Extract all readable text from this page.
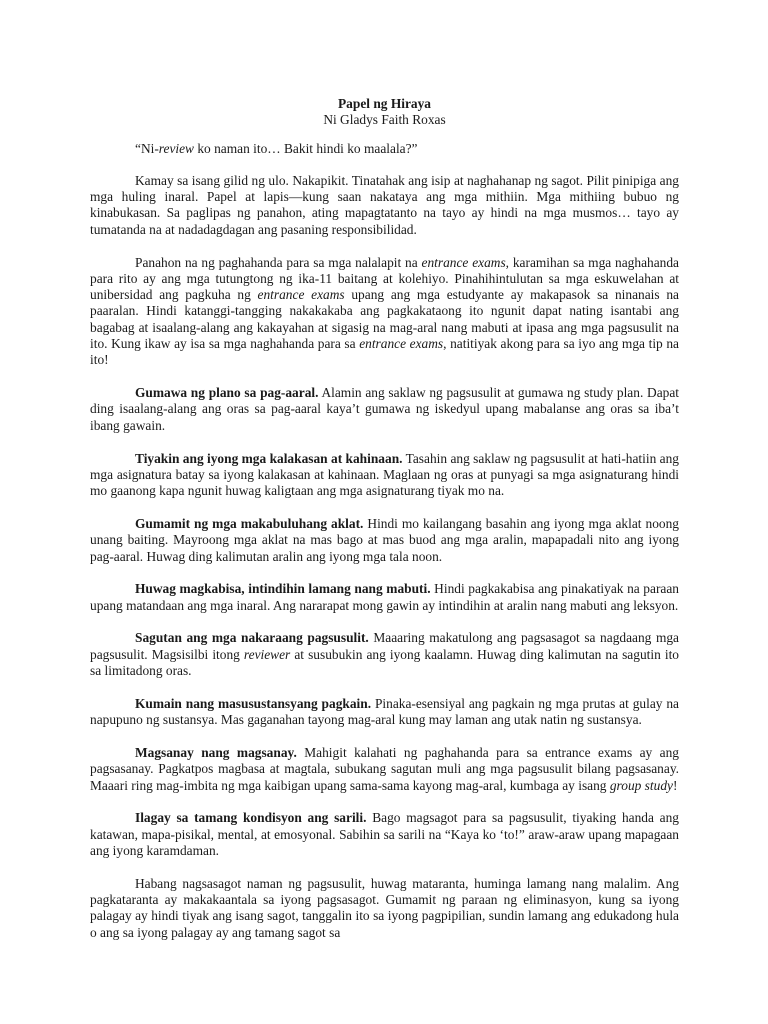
Papel ng Hiraya

Ni Gladys Faith Roxas

“Ni-review ko naman ito… Bakit hindi ko maalala?”

Kamay sa isang gilid ng ulo. Nakapikit. Tinatahak ang isip at naghahanap ng sagot. Pilit pinipiga ang mga huling inaral. Papel at lapis—kung saan nakataya ang mga mithiin. Mga mithiing bubuo ng kinabukasan. Sa paglipas ng panahon, ating mapagtatanto na tayo ay hindi na mga musmos… tayo ay tumatanda na at nadadagdagan ang pasaning responsibilidad.

Panahon na ng paghahanda para sa mga nalalapit na entrance exams, karamihan sa mga naghahanda para rito ay ang mga tutungtong ng ika-11 baitang at kolehiyo. Pinahihintulutan sa mga eskuwelahan at unibersidad ang pagkuha ng entrance exams upang ang mga estudyante ay makapasok sa ninanais na paaralan. Hindi katanggi-tangging nakakakaba ang pagkakataong ito ngunit dapat nating isantabi ang bagabag at isaalang-alang ang kakayahan at sigasig na mag-aral nang mabuti at ipasa ang mga pagsusulit na ito. Kung ikaw ay isa sa mga naghahanda para sa entrance exams, natitiyak akong para sa iyo ang mga tip na ito!

Gumawa ng plano sa pag-aaral. Alamin ang saklaw ng pagsusulit at gumawa ng study plan. Dapat ding isaalang-alang ang oras sa pag-aaral kaya’t gumawa ng iskedyul upang mabalanse ang oras sa iba’t ibang gawain.

Tiyakin ang iyong mga kalakasan at kahinaan. Tasahin ang saklaw ng pagsusulit at hati-hatiin ang mga asignatura batay sa iyong kalakasan at kahinaan. Maglaan ng oras at punyagi sa mga asignaturang hindi mo gaanong kapa ngunit huwag kaligtaan ang mga asignaturang tiyak mo na.

Gumamit ng mga makabuluhang aklat. Hindi mo kailangang basahin ang iyong mga aklat noong unang baiting. Mayroong mga aklat na mas bago at mas buod ang mga aralin, mapapadali nito ang iyong pag-aaral. Huwag ding kalimutan aralin ang iyong mga tala noon.

Huwag magkabisa, intindihin lamang nang mabuti. Hindi pagkakabisa ang pinakatiyak na paraan upang matandaan ang mga inaral. Ang nararapat mong gawin ay intindihin at aralin nang mabuti ang leksyon.

Sagutan ang mga nakaraang pagsusulit. Maaaring makatulong ang pagsasagot sa nagdaang mga pagsusulit. Magsisilbi itong reviewer at susubukin ang iyong kaalamn. Huwag ding kalimutan na sagutin ito sa limitadong oras.

Kumain nang masusustansyang pagkain. Pinaka-esensiyal ang pagkain ng mga prutas at gulay na napupuno ng sustansya. Mas gaganahan tayong mag-aral kung may laman ang utak natin ng sustansya.

Magsanay nang magsanay. Mahigit kalahati ng paghahanda para sa entrance exams ay ang pagsasanay. Pagkatpos magbasa at magtala, subukang sagutan muli ang mga pagsusulit bilang pagsasanay. Maaari ring mag-imbita ng mga kaibigan upang sama-sama kayong mag-aral, kumbaga ay isang group study!

Ilagay sa tamang kondisyon ang sarili. Bago magsagot para sa pagsusulit, tiyaking handa ang katawan, mapa-pisikal, mental, at emosyonal. Sabihin sa sarili na “Kaya ko ‘to!” araw-araw upang mapagaan ang iyong karamdaman.

Habang nagsasagot naman ng pagsusulit, huwag mataranta, huminga lamang nang malalim. Ang pagkataranta ay makakaantala sa iyong pagsasagot. Gumamit ng paraan ng eliminasyon, kung sa iyong palagay ay hindi tiyak ang isang sagot, tanggalin ito sa iyong pagpipilian, sundin lamang ang edukadong hula o ang sa iyong palagay ay ang tamang sagot sa
